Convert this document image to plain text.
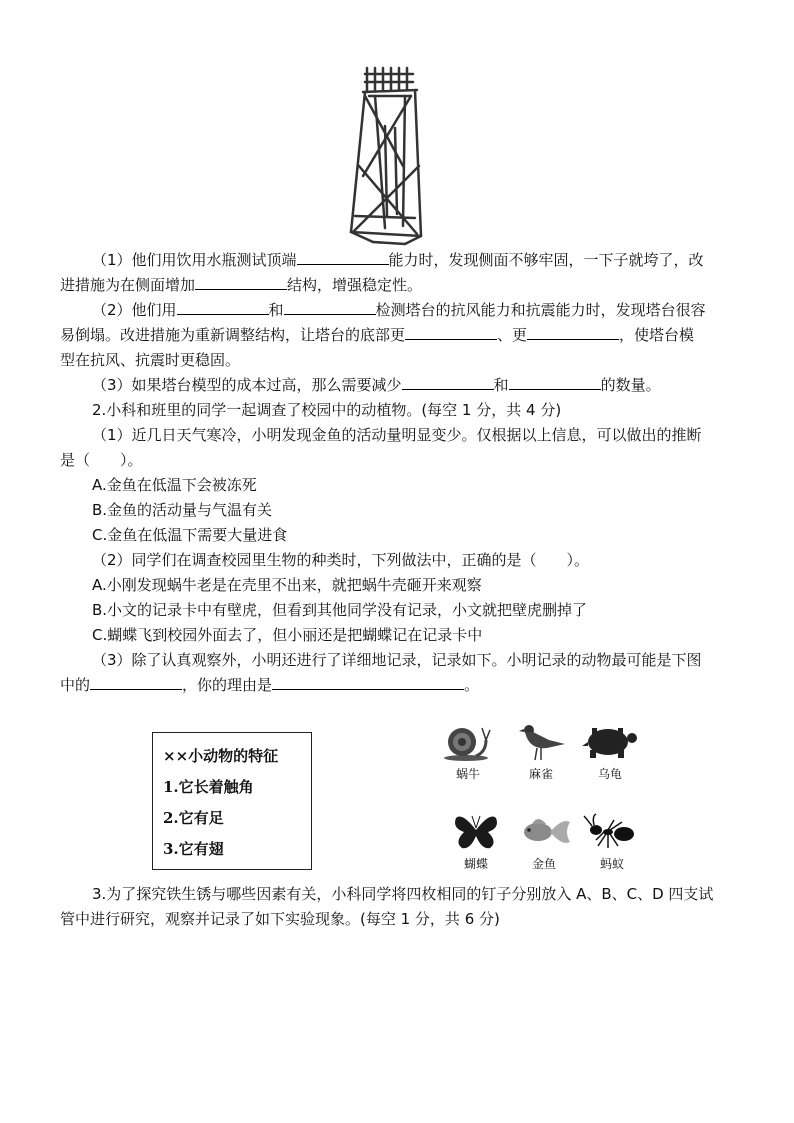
（1）他们用饮用水瓶测试顶端	能力时，发现侧面不够牢固，一下子就垮了，改
进措施为在侧面增加	结构，增强稳定性。
（2）他们用	和	检测塔台的抗风能力和抗震能力时，发现塔台很容
易倒塌。改进措施为重新调整结构，让塔台的底部更	、更	，使塔台模
型在抗风、抗震时更稳固。
（3）如果塔台模型的成本过高，那么需要减少	和	的数量。
2.小科和班里的同学一起调查了校园中的动植物。(每空 1 分，共 4 分)
（1）近几日天气寒冷，小明发现金鱼的活动量明显变少。仅根据以上信息，可以做出的推断
是（　　）。
A.金鱼在低温下会被冻死
B.金鱼的活动量与气温有关
C.金鱼在低温下需要大量进食
（2）同学们在调查校园里生物的种类时，下列做法中，正确的是（　　）。
A.小刚发现蜗牛老是在壳里不出来，就把蜗牛壳砸开来观察
B.小文的记录卡中有壁虎，但看到其他同学没有记录，小文就把壁虎删掉了
C.蝴蝶飞到校园外面去了，但小丽还是把蝴蝶记在记录卡中
（3）除了认真观察外，小明还进行了详细地记录，记录如下。小明记录的动物最可能是下图
中的	，你的理由是	。
××小动物的特征
1.它长着触角
2.它有足
3.它有翅
蜗牛	麻雀	乌龟
蝴蝶	金鱼	蚂蚁
3.为了探究铁生锈与哪些因素有关，小科同学将四枚相同的钉子分别放入 A、B、C、D 四支试
管中进行研究，观察并记录了如下实验现象。(每空 1 分，共 6 分)
